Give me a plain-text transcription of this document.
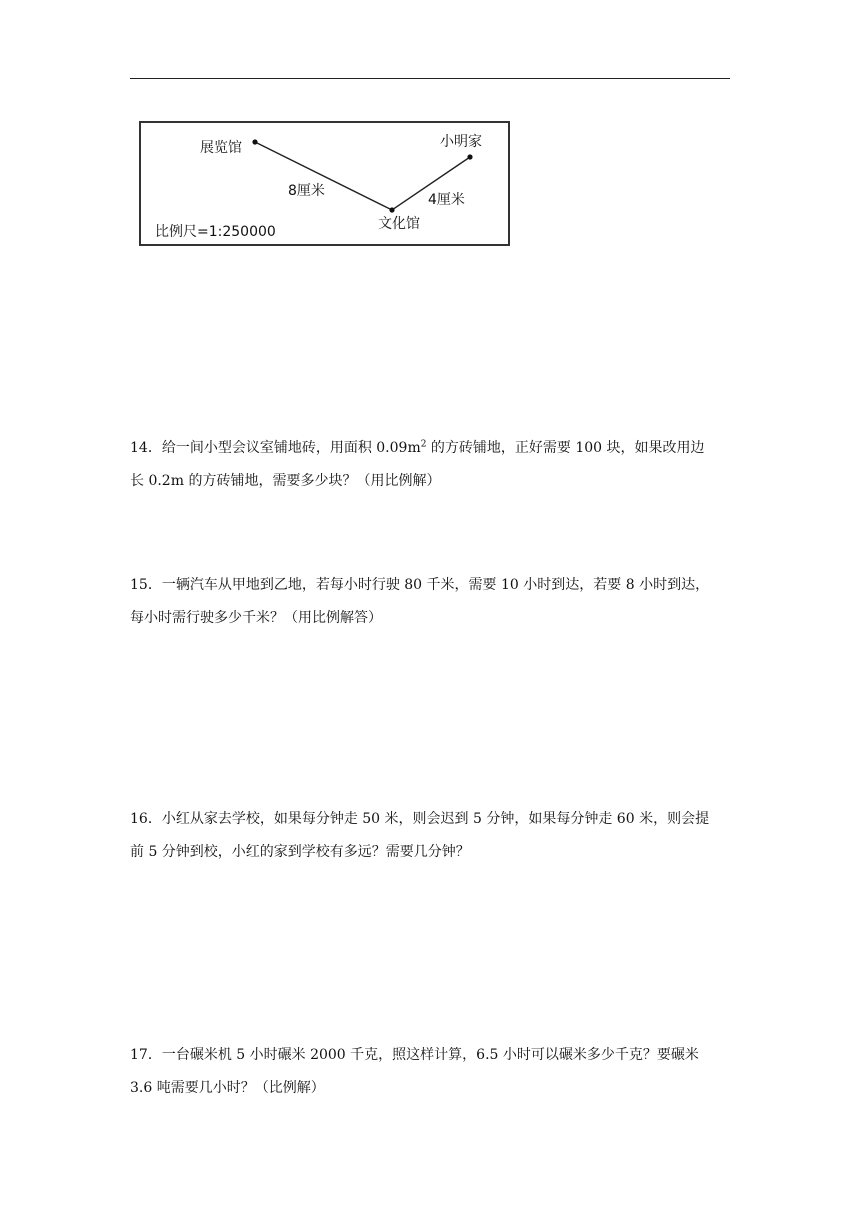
展览馆	小明家
8厘米
4厘米
文化馆
比例尺=1:250000
14．给一间小型会议室铺地砖，用面积 $0.09m^2$ 的方砖铺地，正好需要 100 块，如果改用边
长 0.2m 的方砖铺地，需要多少块？（用比例解）
15．一辆汽车从甲地到乙地，若每小时行驶 80 千米，需要 10 小时到达，若要 8 小时到达，
每小时需行驶多少千米？（用比例解答）
16．小红从家去学校，如果每分钟走 50 米，则会迟到 5 分钟，如果每分钟走 60 米，则会提
前 5 分钟到校，小红的家到学校有多远？需要几分钟？
17．一台碾米机 5 小时碾米 2000 千克，照这样计算，6.5 小时可以碾米多少千克？要碾米
3.6 吨需要几小时？（比例解）
